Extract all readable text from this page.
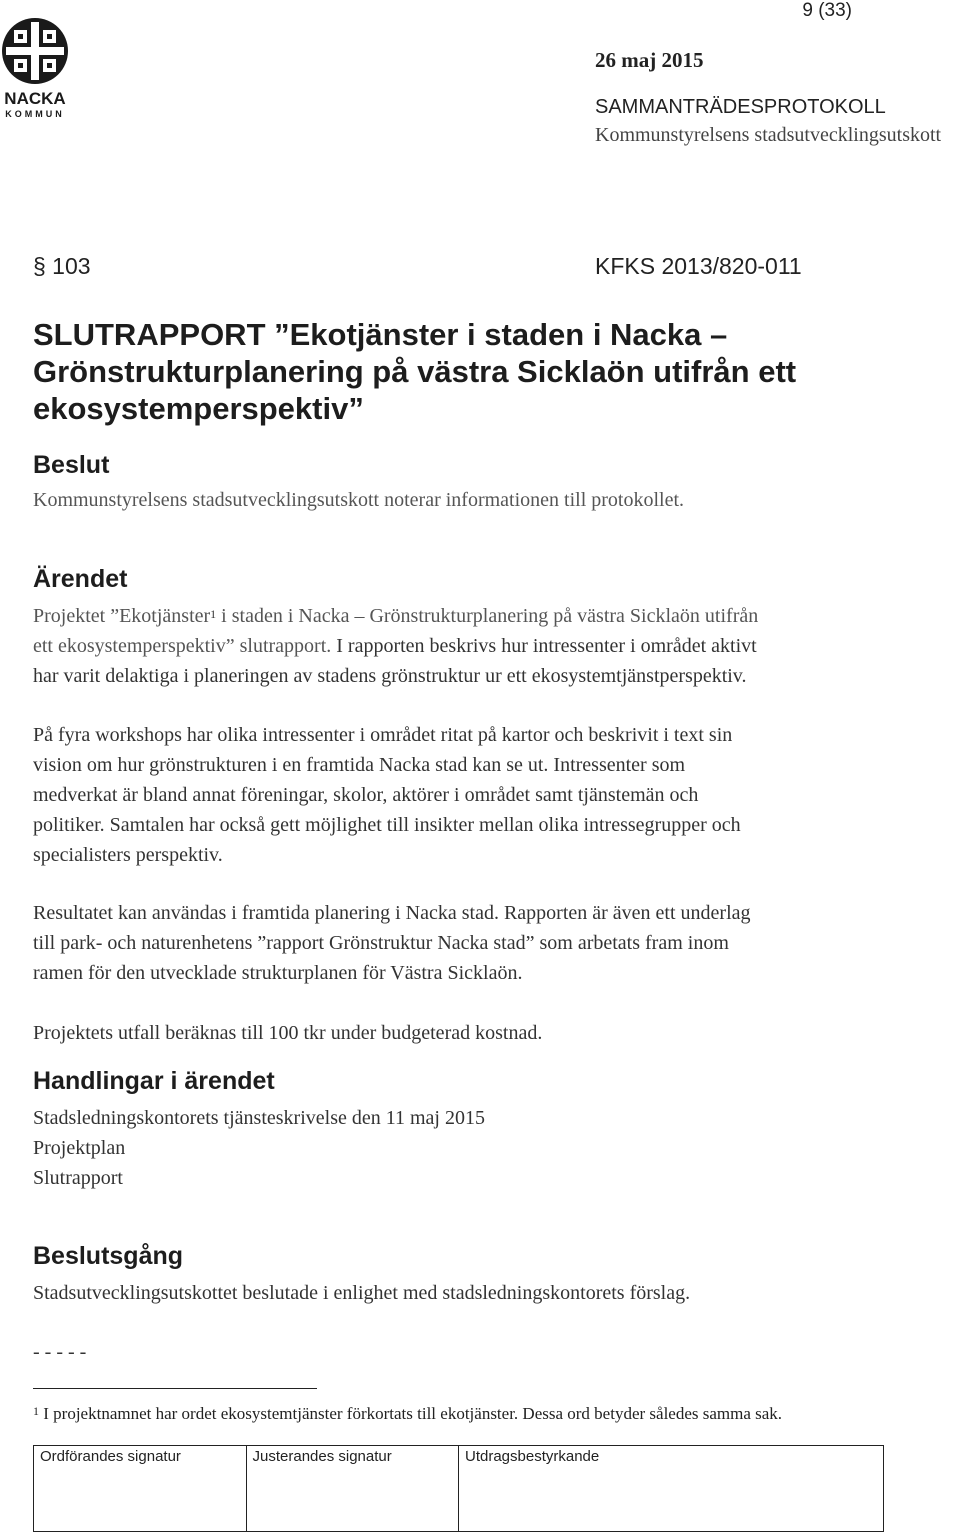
NACKA
KOMMUN
9 (33)
26 maj 2015
SAMMANTRÄDESPROTOKOLL
Kommunstyrelsens stadsutvecklingsutskott
§ 103	KFKS 2013/820-011
SLUTRAPPORT ”Ekotjänster i staden i Nacka –
Grönstrukturplanering på västra Sicklaön utifrån ett
ekosystemperspektiv”
Beslut
Kommunstyrelsens stadsutvecklingsutskott noterar informationen till protokollet.
Ärendet
Projektet ”Ekotjänster$^1$ i staden i Nacka – Grönstrukturplanering på västra Sicklaön utifrån
ett ekosystemperspektiv” slutrapport. I rapporten beskrivs hur intressenter i området aktivt
har varit delaktiga i planeringen av stadens grönstruktur ur ett ekosystemtjänstperspektiv.
På fyra workshops har olika intressenter i området ritat på kartor och beskrivit i text sin
vision om hur grönstrukturen i en framtida Nacka stad kan se ut. Intressenter som
medverkat är bland annat föreningar, skolor, aktörer i området samt tjänstemän och
politiker. Samtalen har också gett möjlighet till insikter mellan olika intressegrupper och
specialisters perspektiv.
Resultatet kan användas i framtida planering i Nacka stad. Rapporten är även ett underlag
till park- och naturenhetens ”rapport Grönstruktur Nacka stad” som arbetats fram inom
ramen för den utvecklade strukturplanen för Västra Sicklaön.
Projektets utfall beräknas till 100 tkr under budgeterad kostnad.
Handlingar i ärendet
Stadsledningskontorets tjänsteskrivelse den 11 maj 2015
Projektplan
Slutrapport
Beslutsgång
Stadsutvecklingsutskottet beslutade i enlighet med stadsledningskontorets förslag.
- - - - -
$^1$ I projektnamnet har ordet ekosystemtjänster förkortats till ekotjänster. Dessa ord betyder således samma sak.
Ordförandes signatur	Justerandes signatur	Utdragsbestyrkande
